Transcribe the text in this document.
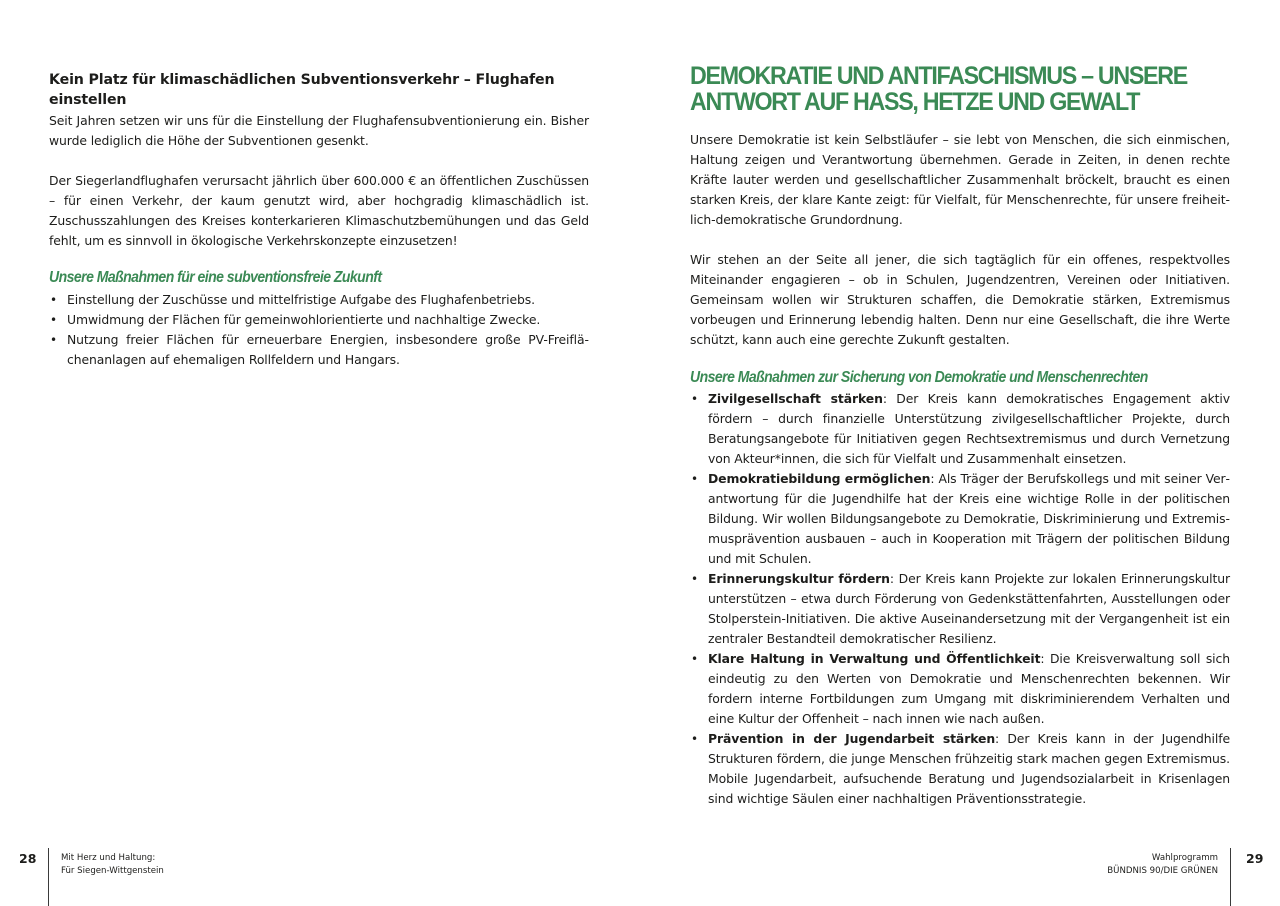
Kein Platz für klimaschädlichen Subventionsverkehr – Flughafen einstellen

Seit Jahren setzen wir uns für die Einstellung der Flughafensubventionierung ein. Bisher wurde lediglich die Höhe der Subventionen gesenkt.

Der Siegerlandflughafen verursacht jährlich über 600.000 € an öffentlichen Zuschüssen – für einen Verkehr, der kaum genutzt wird, aber hochgradig klimaschädlich ist. Zuschusszahlungen des Kreises konterkarieren Klimaschutzbemühungen und das Geld fehlt, um es sinnvoll in ökologische Verkehrskonzepte einzusetzen!

Unsere Maßnahmen für eine subventionsfreie Zukunft
• Einstellung der Zuschüsse und mittelfristige Aufgabe des Flughafenbetriebs.
• Umwidmung der Flächen für gemeinwohlorientierte und nachhaltige Zwecke.
• Nutzung freier Flächen für erneuerbare Energien, insbesondere große PV-Freiflächenanlagen auf ehemaligen Rollfeldern und Hangars.
28	Mit Herz und Haltung:
Für Siegen-Wittgenstein
DEMOKRATIE UND ANTIFASCHISMUS – UNSERE ANTWORT AUF HASS, HETZE UND GEWALT

Unsere Demokratie ist kein Selbstläufer – sie lebt von Menschen, die sich einmischen, Haltung zeigen und Verantwortung übernehmen. Gerade in Zeiten, in denen rechte Kräfte lauter werden und gesellschaftlicher Zusammenhalt bröckelt, braucht es einen starken Kreis, der klare Kante zeigt: für Vielfalt, für Menschenrechte, für unsere freiheitlich-demokratische Grundordnung.

Wir stehen an der Seite all jener, die sich tagtäglich für ein offenes, respektvolles Miteinander engagieren – ob in Schulen, Jugendzentren, Vereinen oder Initiativen. Gemeinsam wollen wir Strukturen schaffen, die Demokratie stärken, Extremismus vorbeugen und Erinnerung lebendig halten. Denn nur eine Gesellschaft, die ihre Werte schützt, kann auch eine gerechte Zukunft gestalten.

Unsere Maßnahmen zur Sicherung von Demokratie und Menschenrechten
• Zivilgesellschaft stärken: Der Kreis kann demokratisches Engagement aktiv fördern – durch finanzielle Unterstützung zivilgesellschaftlicher Projekte, durch Beratungsangebote für Initiativen gegen Rechtsextremismus und durch Vernetzung von Akteur*innen, die sich für Vielfalt und Zusammenhalt einsetzen.
• Demokratiebildung ermöglichen: Als Träger der Berufskollegs und mit seiner Verantwortung für die Jugendhilfe hat der Kreis eine wichtige Rolle in der politischen Bildung. Wir wollen Bildungsangebote zu Demokratie, Diskriminierung und Extremismusprävention ausbauen – auch in Kooperation mit Trägern der politischen Bildung und mit Schulen.
• Erinnerungskultur fördern: Der Kreis kann Projekte zur lokalen Erinnerungskultur unterstützen – etwa durch Förderung von Gedenkstättenfahrten, Ausstellungen oder Stolperstein-Initiativen. Die aktive Auseinandersetzung mit der Vergangenheit ist ein zentraler Bestandteil demokratischer Resilienz.
• Klare Haltung in Verwaltung und Öffentlichkeit: Die Kreisverwaltung soll sich eindeutig zu den Werten von Demokratie und Menschenrechten bekennen. Wir fordern interne Fortbildungen zum Umgang mit diskriminierendem Verhalten und eine Kultur der Offenheit – nach innen wie nach außen.
• Prävention in der Jugendarbeit stärken: Der Kreis kann in der Jugendhilfe Strukturen fördern, die junge Menschen frühzeitig stark machen gegen Extremismus. Mobile Jugendarbeit, aufsuchende Beratung und Jugendsozialarbeit in Krisenlagen sind wichtige Säulen einer nachhaltigen Präventionsstrategie.
Wahlprogramm
BÜNDNIS 90/DIE GRÜNEN
29
